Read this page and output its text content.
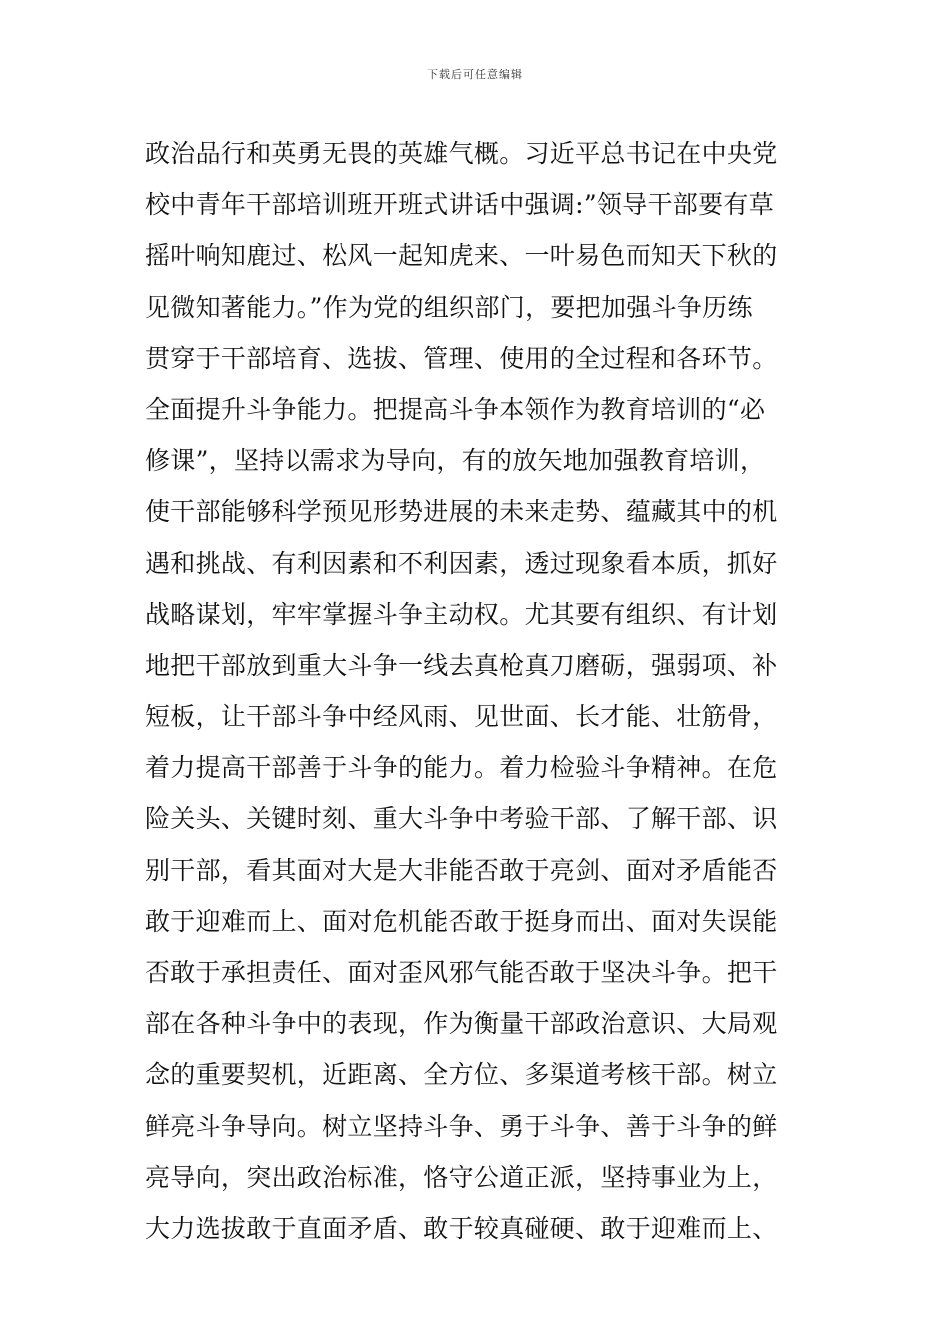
下载后可任意编辑
政治品行和英勇无畏的英雄气概。习近平总书记在中央党
校中青年干部培训班开班式讲话中强调:”领导干部要有草
摇叶响知鹿过、松风一起知虎来、一叶易色而知天下秋的
见微知著能力。”作为党的组织部门，要把加强斗争历练
贯穿于干部培育、选拔、管理、使用的全过程和各环节。
全面提升斗争能力。把提高斗争本领作为教育培训的“必
修课”，坚持以需求为导向，有的放矢地加强教育培训，
使干部能够科学预见形势进展的未来走势、蕴藏其中的机
遇和挑战、有利因素和不利因素，透过现象看本质，抓好
战略谋划，牢牢掌握斗争主动权。尤其要有组织、有计划
地把干部放到重大斗争一线去真枪真刀磨砺，强弱项、补
短板，让干部斗争中经风雨、见世面、长才能、壮筋骨，
着力提高干部善于斗争的能力。着力检验斗争精神。在危
险关头、关键时刻、重大斗争中考验干部、了解干部、识
别干部，看其面对大是大非能否敢于亮剑、面对矛盾能否
敢于迎难而上、面对危机能否敢于挺身而出、面对失误能
否敢于承担责任、面对歪风邪气能否敢于坚决斗争。把干
部在各种斗争中的表现，作为衡量干部政治意识、大局观
念的重要契机，近距离、全方位、多渠道考核干部。树立
鲜亮斗争导向。树立坚持斗争、勇于斗争、善于斗争的鲜
亮导向，突出政治标准，恪守公道正派，坚持事业为上，
大力选拔敢于直面矛盾、敢于较真碰硬、敢于迎难而上、
